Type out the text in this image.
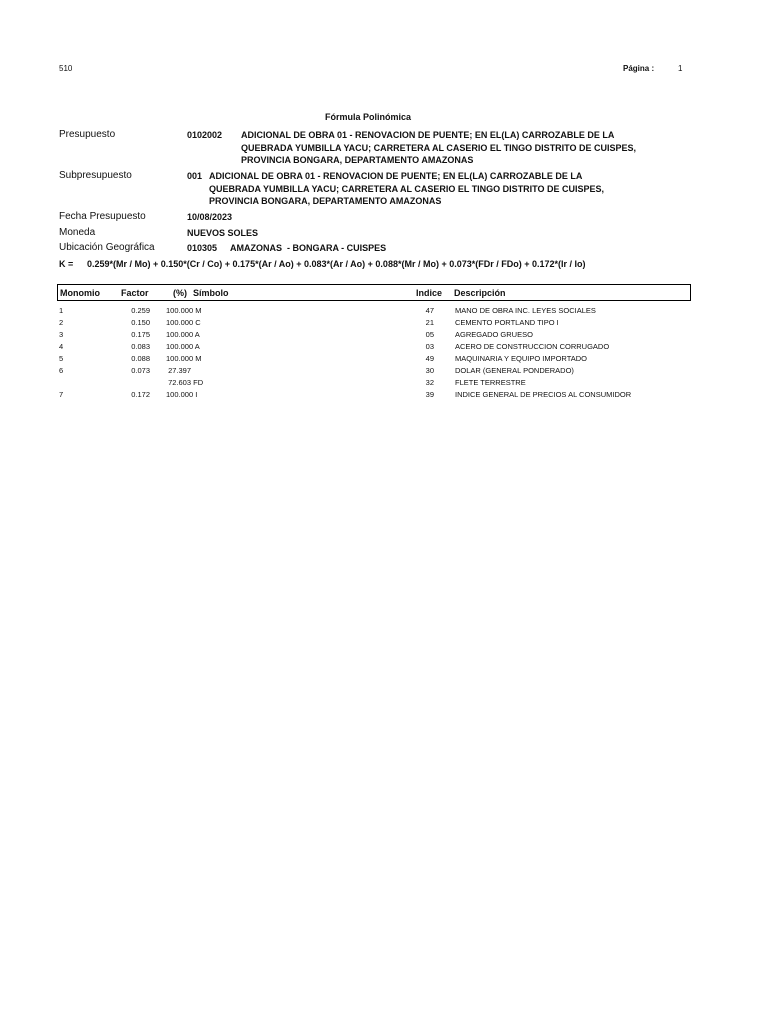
510	Página :	1
Fórmula Polinómica
Presupuesto	0102002 ADICIONAL DE OBRA 01 - RENOVACION DE PUENTE; EN EL(LA) CARROZABLE DE LA
QUEBRADA YUMBILLA YACU; CARRETERA AL CASERIO EL TINGO DISTRITO DE CUISPES,
PROVINCIA BONGARA, DEPARTAMENTO AMAZONAS
Subpresupuesto	001 ADICIONAL DE OBRA 01 - RENOVACION DE PUENTE; EN EL(LA) CARROZABLE DE LA
QUEBRADA YUMBILLA YACU; CARRETERA AL CASERIO EL TINGO DISTRITO DE CUISPES,
PROVINCIA BONGARA, DEPARTAMENTO AMAZONAS
Fecha Presupuesto	10/08/2023
Moneda	NUEVOS SOLES
Ubicación Geográfica	010305 AMAZONAS  - BONGARA - CUISPES
K = 0.259*(Mr / Mo) + 0.150*(Cr / Co) + 0.175*(Ar / Ao) + 0.083*(Ar / Ao) + 0.088*(Mr / Mo) + 0.073*(FDr / FDo) + 0.172*(Ir / Io)
Monomio Factor	(%) Símbolo	Indice Descripción
1	0.259 100.000 M	47	MANO DE OBRA INC. LEYES SOCIALES
2	0.150 100.000 C	21	CEMENTO PORTLAND TIPO I
3	0.175 100.000 A	05	AGREGADO GRUESO
4	0.083 100.000 A	03	ACERO DE CONSTRUCCION CORRUGADO
5	0.088 100.000 M	49	MAQUINARIA Y EQUIPO IMPORTADO
6	0.073 27.397	30	DOLAR (GENERAL PONDERADO)
72.603 FD	32	FLETE TERRESTRE
7	0.172 100.000 I	39	INDICE GENERAL DE PRECIOS AL CONSUMIDOR
